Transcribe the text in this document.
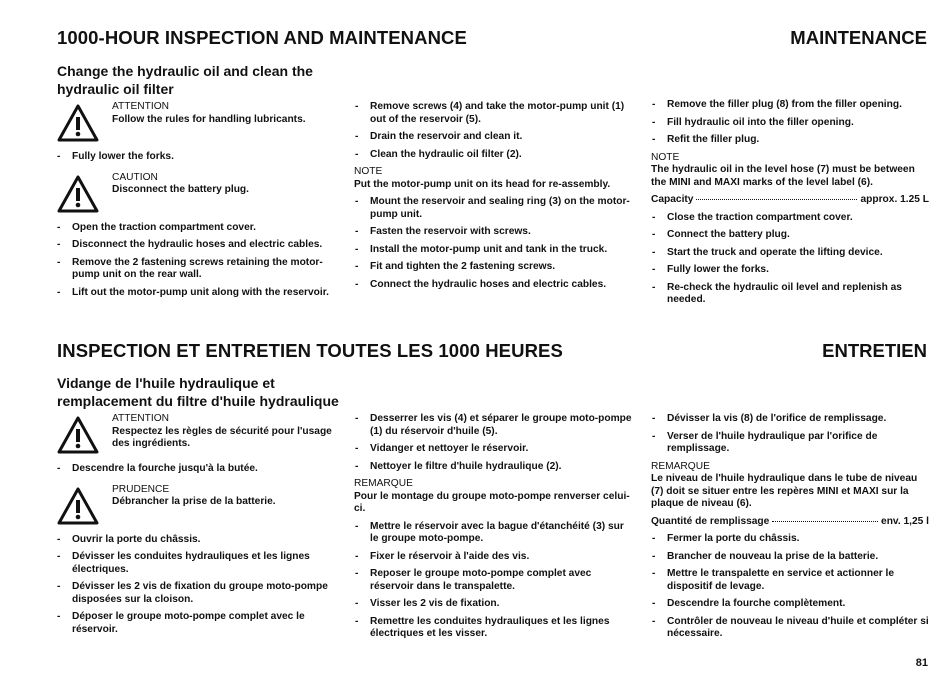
1000-HOUR INSPECTION AND MAINTENANCE	MAINTENANCE
Change the hydraulic oil and clean the hydraulic oil filter
ATTENTION
Follow the rules for handling lubricants.
- Fully lower the forks.
CAUTION
Disconnect the battery plug.
- Open the traction compartment cover.
- Disconnect the hydraulic hoses and electric cables.
- Remove the 2 fastening screws retaining the motor-pump unit on the rear wall.
- Lift out the motor-pump unit along with the reservoir.
- Remove screws (4) and take the motor-pump unit (1) out of the reservoir (5).
- Drain the reservoir and clean it.
- Clean the hydraulic oil filter (2).
NOTE
Put the motor-pump unit on its head for re-assembly.
- Mount the reservoir and sealing ring (3) on the motor-pump unit.
- Fasten the reservoir with screws.
- Install the motor-pump unit and tank in the truck.
- Fit and tighten the 2 fastening screws.
- Connect the hydraulic hoses and electric cables.
- Remove the filler plug (8) from the filler opening.
- Fill hydraulic oil into the filler opening.
- Refit the filler plug.
NOTE
The hydraulic oil in the level hose (7) must be between the MINI and MAXI marks of the level label (6).
Capacity	approx. 1.25 L
- Close the traction compartment cover.
- Connect the battery plug.
- Start the truck and operate the lifting device.
- Fully lower the forks.
- Re-check the hydraulic oil level and replenish as needed.
INSPECTION ET ENTRETIEN TOUTES LES 1000 HEURES	ENTRETIEN
Vidange de l'huile hydraulique et remplacement du filtre d'huile hydraulique
ATTENTION
Respectez les règles de sécurité pour l'usage des ingrédients.
- Descendre la fourche jusqu'à la butée.
PRUDENCE
Débrancher la prise de la batterie.
- Ouvrir la porte du châssis.
- Dévisser les conduites hydrauliques et les lignes électriques.
- Dévisser les 2 vis de fixation du groupe moto-pompe disposées sur la cloison.
- Déposer le groupe moto-pompe complet avec le réservoir.
- Desserrer les vis (4) et séparer le groupe moto-pompe (1) du réservoir d'huile (5).
- Vidanger et nettoyer le réservoir.
- Nettoyer le filtre d'huile hydraulique (2).
REMARQUE
Pour le montage du groupe moto-pompe renverser celui-ci.
- Mettre le réservoir avec la bague d'étanchéité (3) sur le groupe moto-pompe.
- Fixer le réservoir à l'aide des vis.
- Reposer le groupe moto-pompe complet avec réservoir dans le transpalette.
- Visser les 2 vis de fixation.
- Remettre les conduites hydrauliques et les lignes électriques et les visser.
- Dévisser la vis (8) de l'orifice de remplissage.
- Verser de l'huile hydraulique par l'orifice de remplissage.
REMARQUE
Le niveau de l'huile hydraulique dans le tube de niveau (7) doit se situer entre les repères MINI et MAXI sur la plaque de niveau (6).
Quantité de remplissage	env. 1,25 l
- Fermer la porte du châssis.
- Brancher de nouveau la prise de la batterie.
- Mettre le transpalette en service et actionner le dispositif de levage.
- Descendre la fourche complètement.
- Contrôler de nouveau le niveau d'huile et compléter si nécessaire.
81
